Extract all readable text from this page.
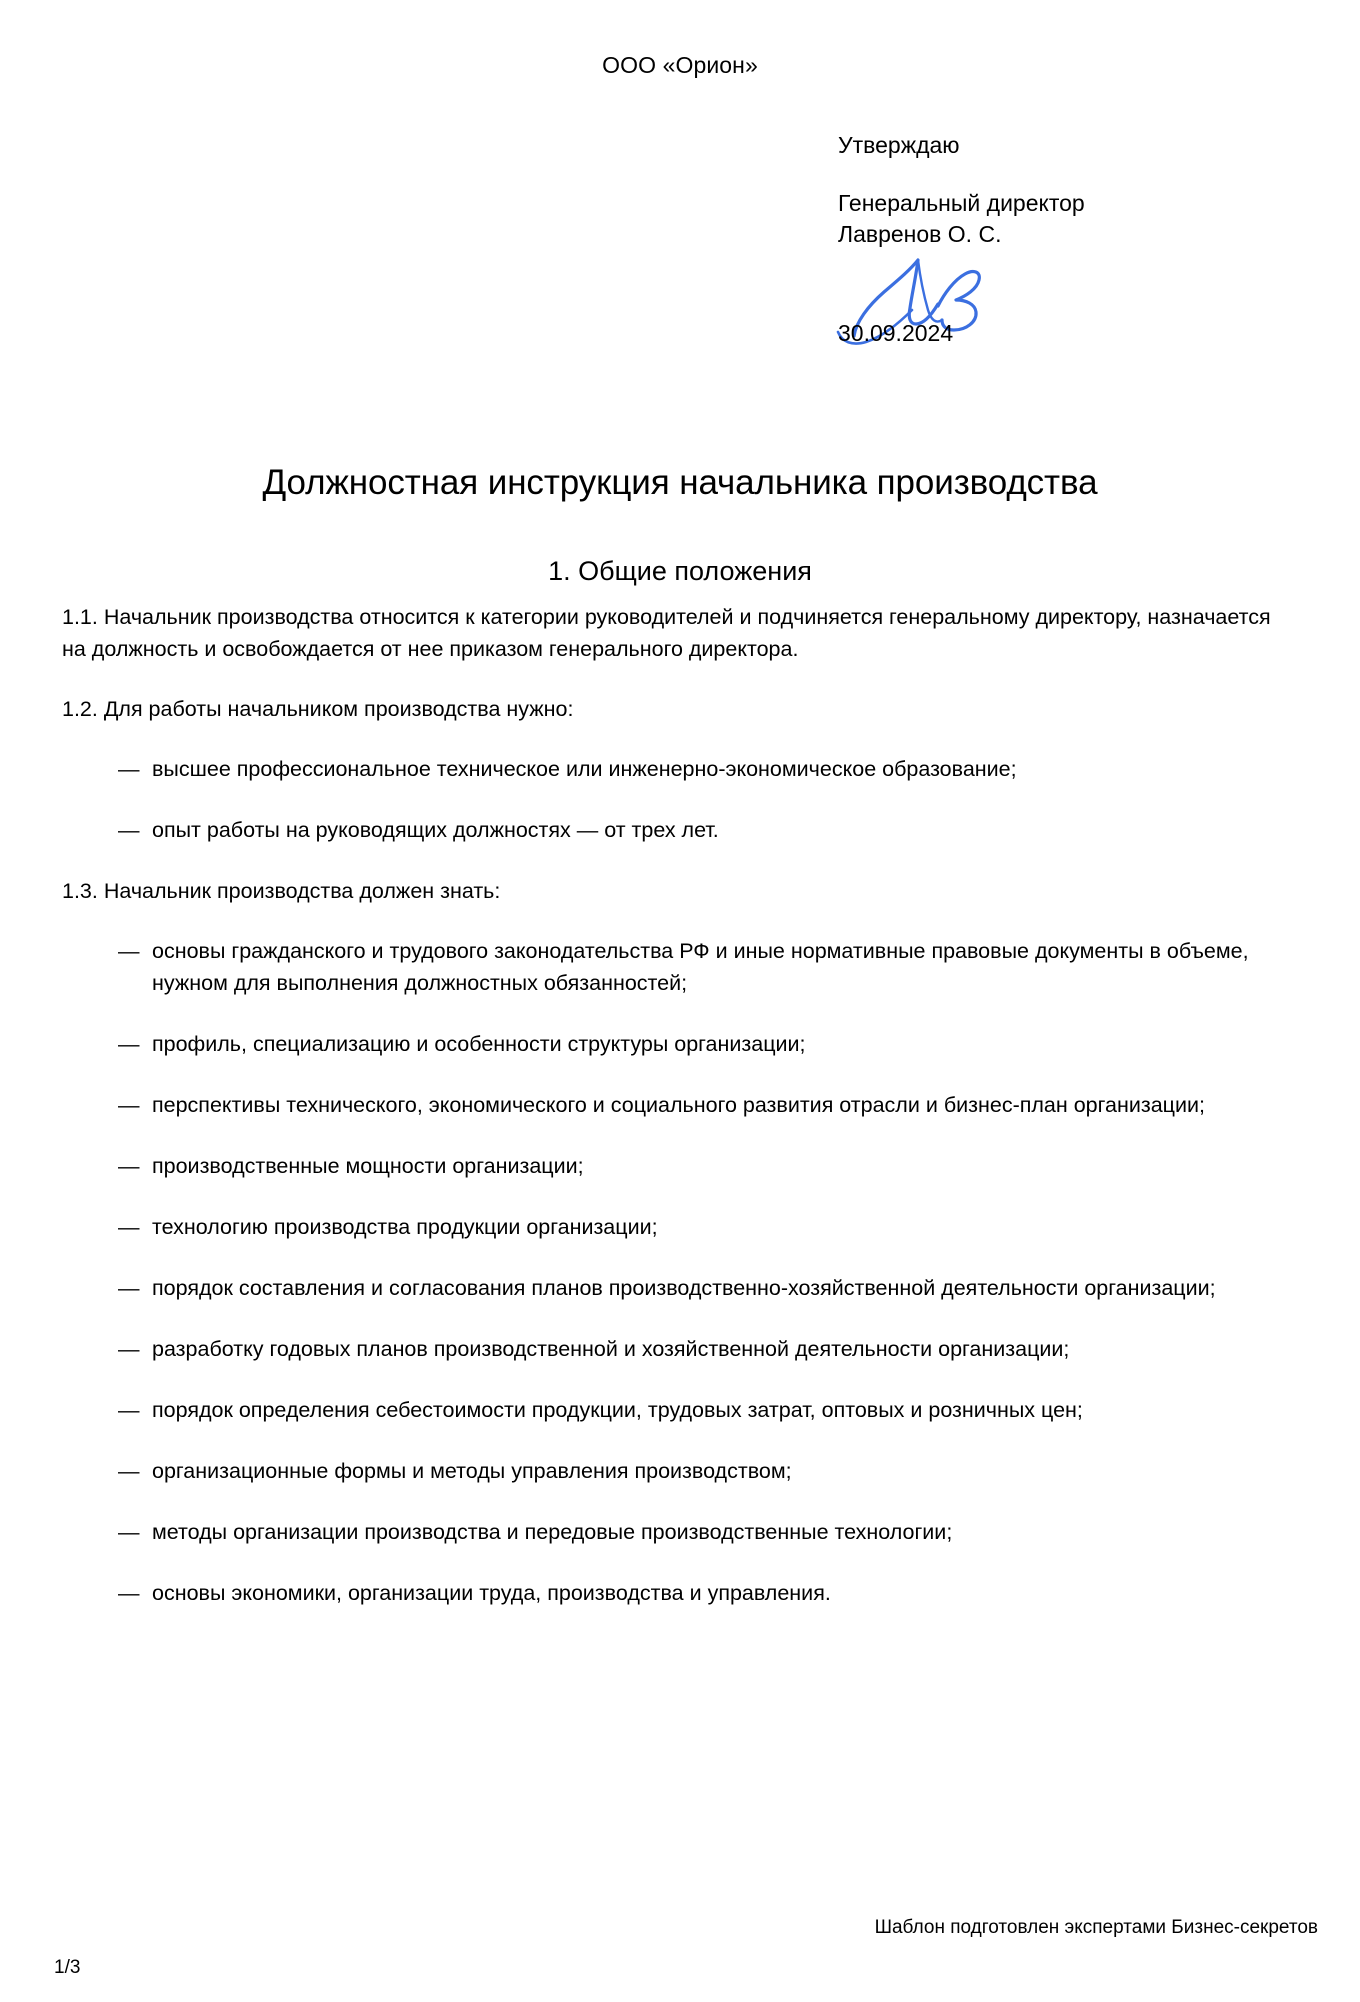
ООО «Орион»
Утверждаю
Генеральный директор
Лавренов О. С.
30.09.2024
Должностная инструкция начальника производства
1. Общие положения

1.1. Начальник производства относится к категории руководителей и подчиняется генеральному директору, назначается на должность и освобождается от нее приказом генерального директора.

1.2. Для работы начальником производства нужно:

— высшее профессиональное техническое или инженерно-экономическое образование;

— опыт работы на руководящих должностях — от трех лет.

1.3. Начальник производства должен знать:

— основы гражданского и трудового законодательства РФ и иные нормативные правовые документы в объеме, нужном для выполнения должностных обязанностей;

— профиль, специализацию и особенности структуры организации;

— перспективы технического, экономического и социального развития отрасли и бизнес-план организации;

— производственные мощности организации;

— технологию производства продукции организации;

— порядок составления и согласования планов производственно-хозяйственной деятельности организации;

— разработку годовых планов производственной и хозяйственной деятельности организации;

— порядок определения себестоимости продукции, трудовых затрат, оптовых и розничных цен;

— организационные формы и методы управления производством;

— методы организации производства и передовые производственные технологии;

— основы экономики, организации труда, производства и управления.

Шаблон подготовлен экспертами Бизнес-секретов
1/3
